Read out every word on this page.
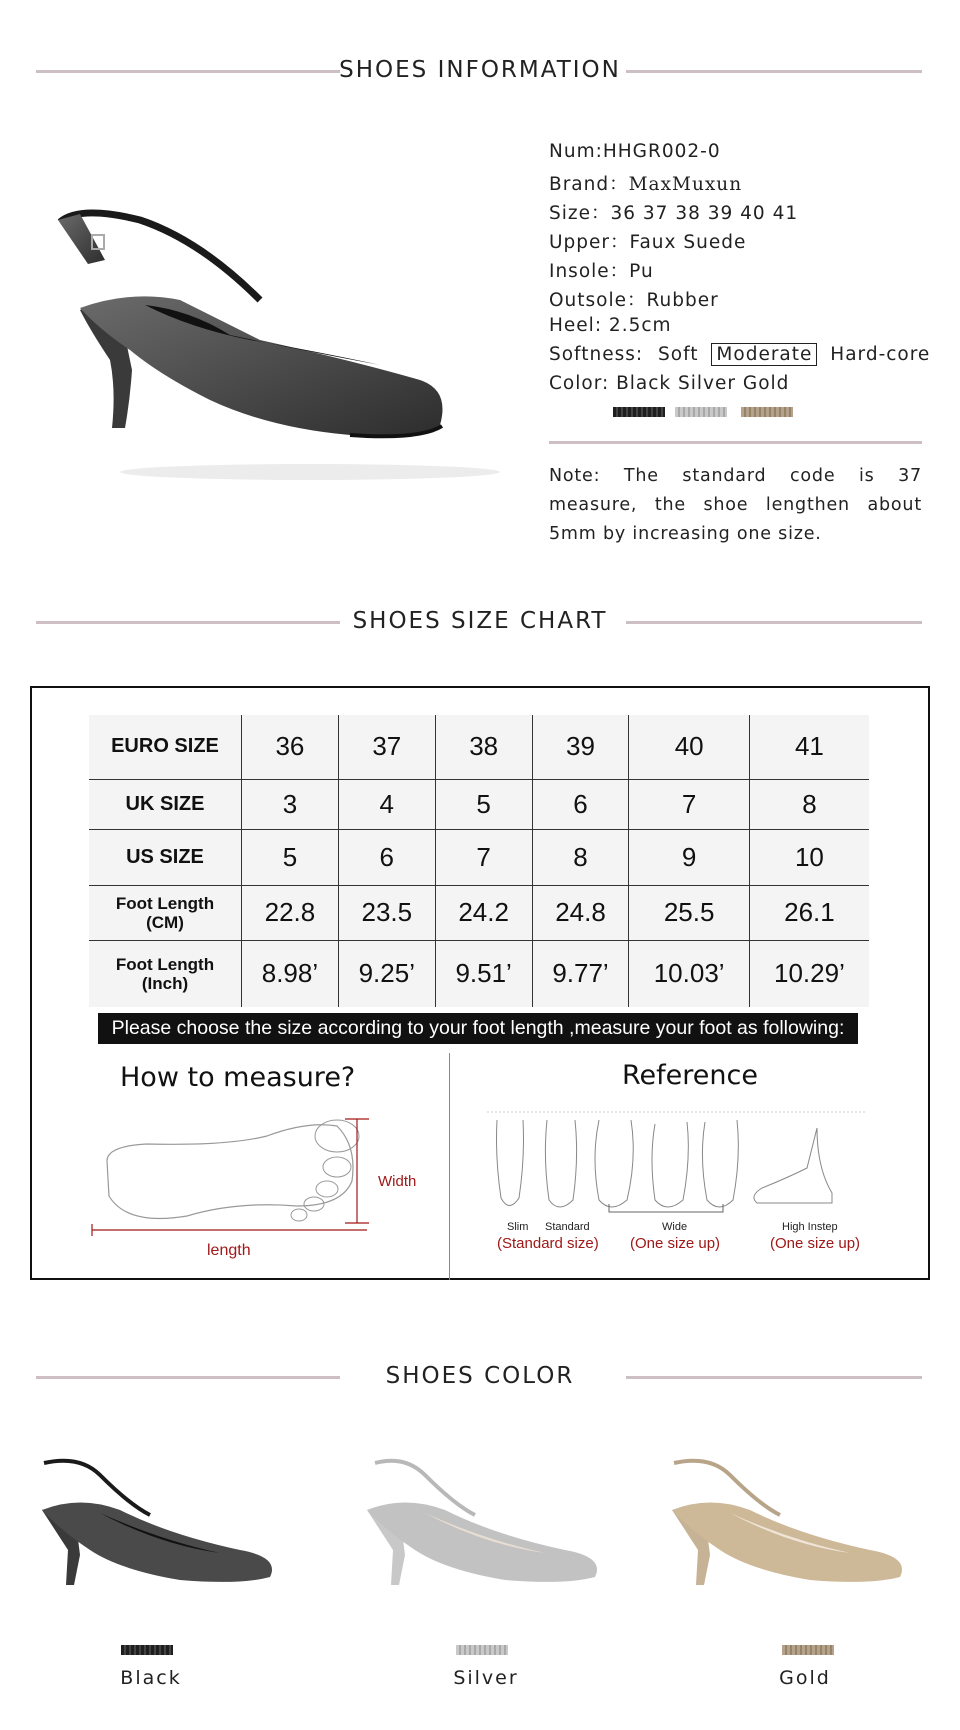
SHOES INFORMATION
Num:HHGR002-0
Brand：MaxMuxun
Size：36 37 38 39 40 41
Upper：Faux Suede
Insole：Pu
Outsole：Rubber
Heel: 2.5cm
Softness: Soft Moderate Hard-core
Color: Black Silver Gold
Note: The standard code is 37 measure, the shoe lengthen about 5mm by increasing one size.
SHOES SIZE CHART
EURO SIZE	36	37	38	39	40	41
UK SIZE	3	4	5	6	7	8
US SIZE	5	6	7	8	9	10

Foot Length
(CM)	22.8	23.5	24.2	24.8	25.5	26.1

Foot Length
(Inch)	8.98’	9.25’	9.51’	9.77’	10.03’	10.29’
Please choose the size according to your foot length ,measure your foot as following:
How to measure?
Width
length
Reference
Slim Standard	Wide	High Instep
(Standard size) (One size up)	(One size up)
SHOES COLOR
Black	Silver	Gold
